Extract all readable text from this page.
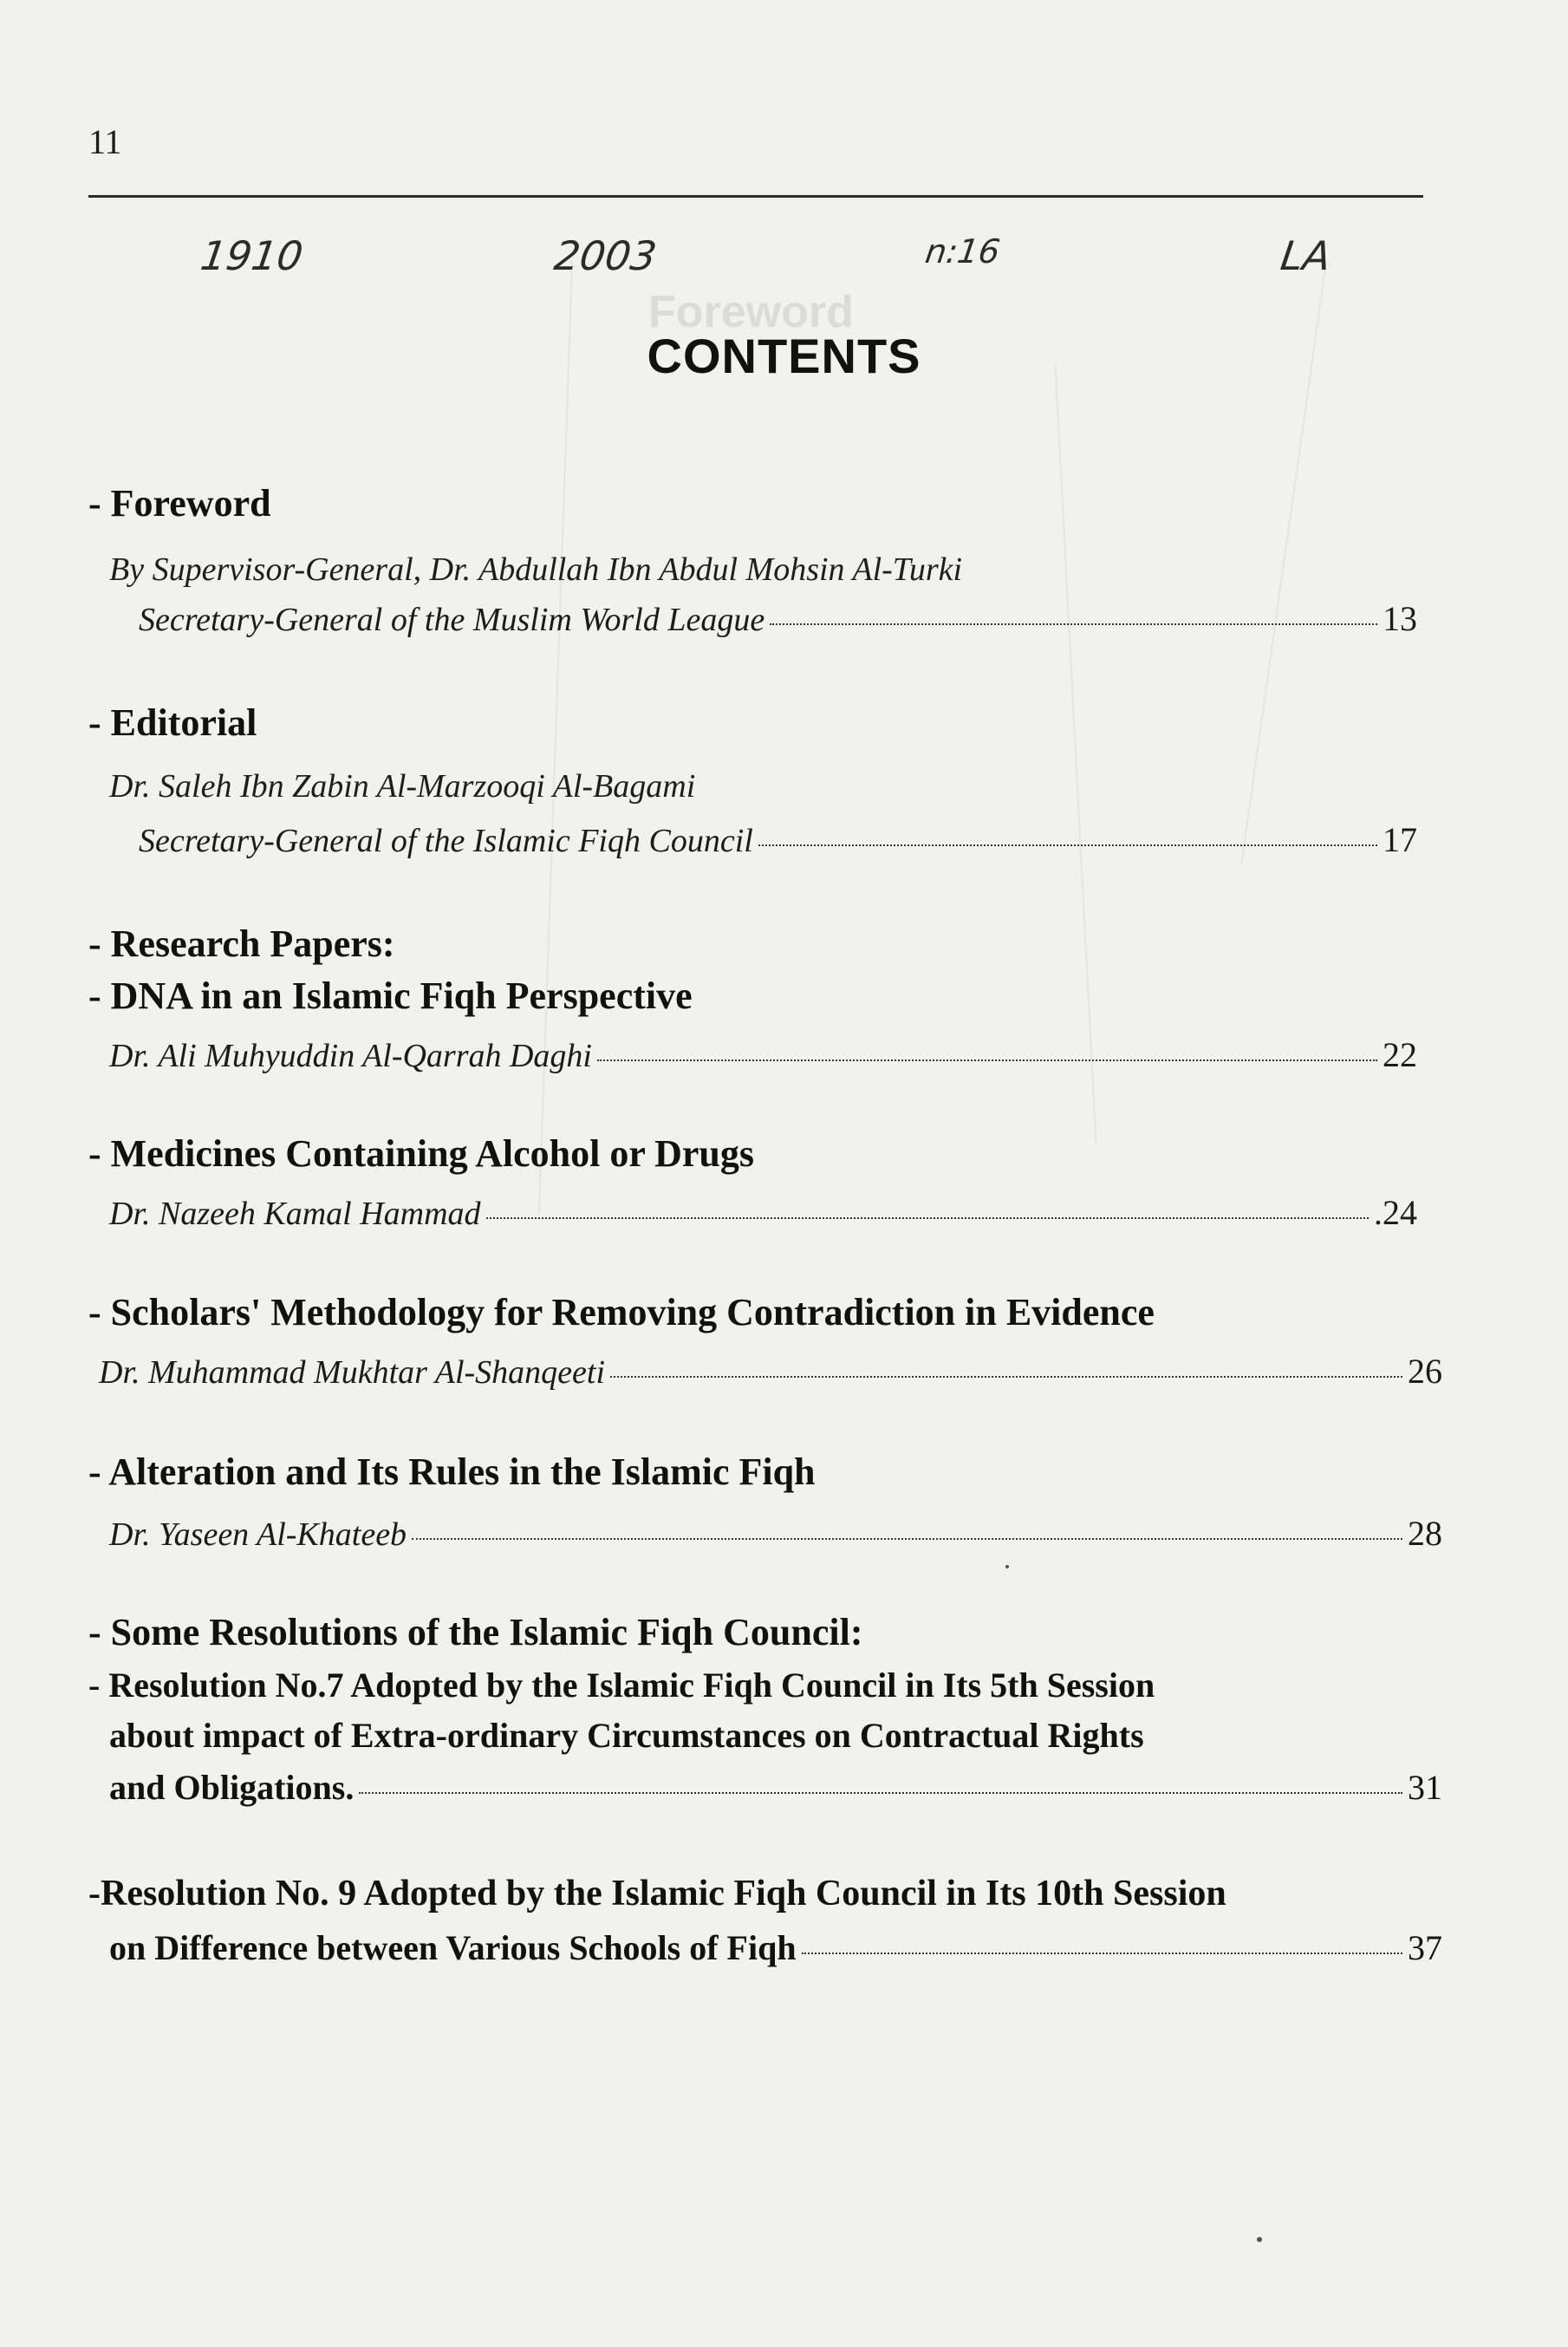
11
1910	2003	n:16	LA
Foreword
CONTENTS
- Foreword
By Supervisor-General, Dr. Abdullah Ibn Abdul Mohsin Al-Turki
Secretary-General of the Muslim World League	13
- Editorial
Dr. Saleh Ibn Zabin Al-Marzooqi Al-Bagami
Secretary-General of the Islamic Fiqh Council	17
- Research Papers:
- DNA in an Islamic Fiqh Perspective
Dr. Ali Muhyuddin Al-Qarrah Daghi	22
- Medicines Containing Alcohol or Drugs
Dr. Nazeeh Kamal Hammad	.24
- Scholars' Methodology for Removing Contradiction in Evidence
Dr. Muhammad Mukhtar Al-Shanqeeti	26
- Alteration and Its Rules in the Islamic Fiqh
Dr. Yaseen Al-Khateeb	28
- Some Resolutions of the Islamic Fiqh Council:
- Resolution No.7 Adopted by the Islamic Fiqh Council in Its 5th Session
about impact of Extra-ordinary Circumstances on Contractual Rights
and Obligations.	31
-Resolution No. 9 Adopted by the Islamic Fiqh Council in Its 10th Session
on Difference between Various Schools of Fiqh	37
